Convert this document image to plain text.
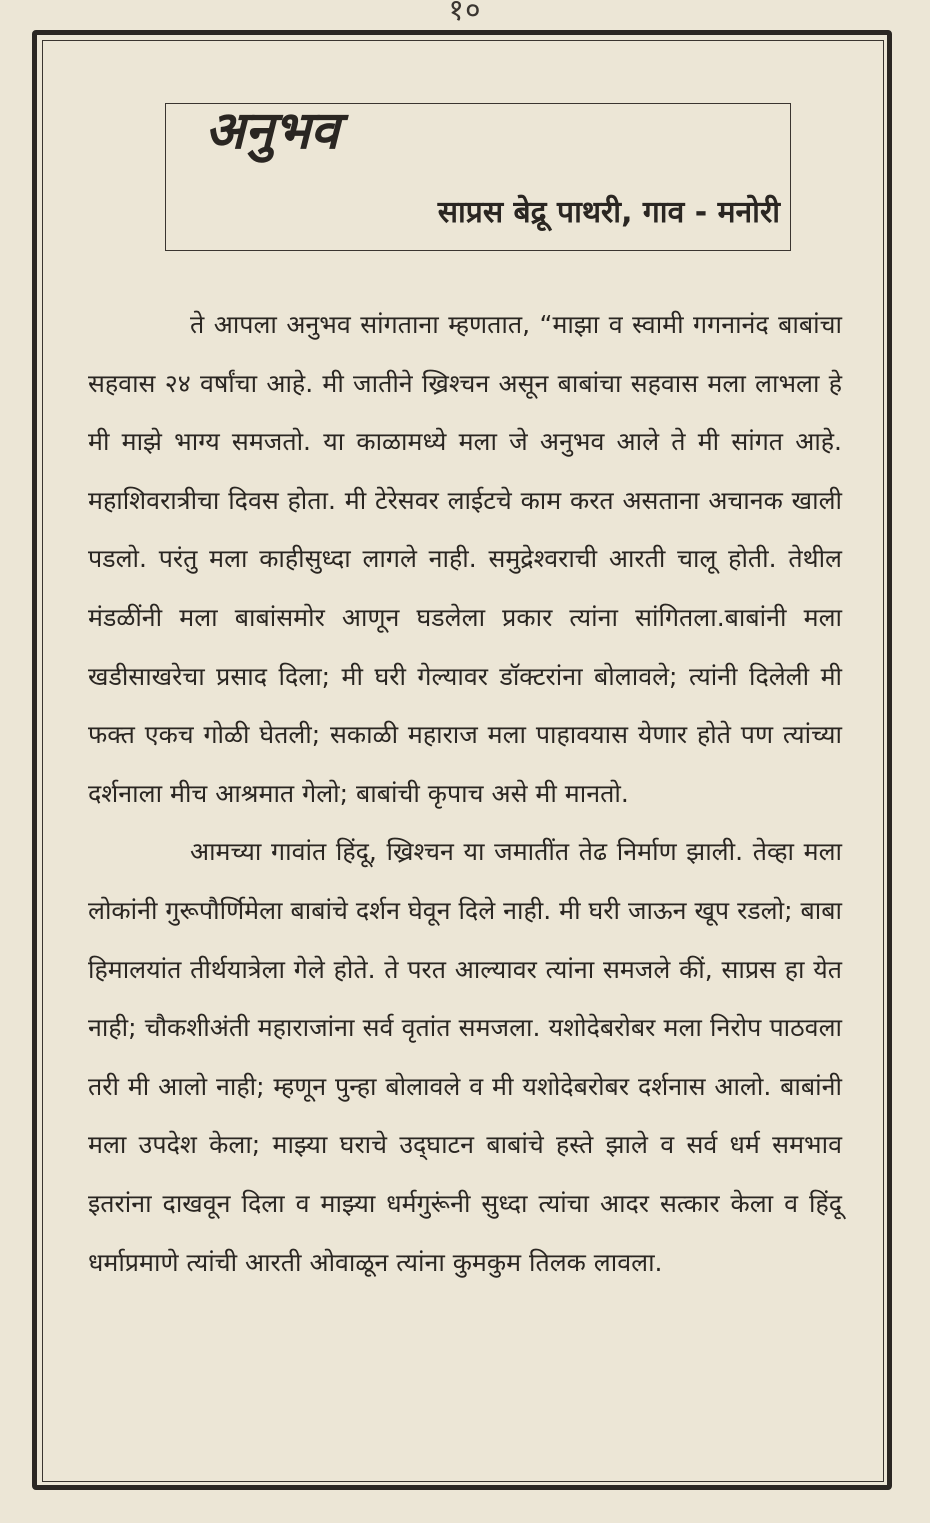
१०
अनुभव
साप्रस बेद्रू पाथरी, गाव - मनोरी

ते आपला अनुभव सांगताना म्हणतात, “माझा व स्वामी गगनानंद बाबांचा सहवास २४ वर्षांचा आहे. मी जातीने ख्रिश्चन असून बाबांचा सहवास मला लाभला हे मी माझे भाग्य समजतो. या काळामध्ये मला जे अनुभव आले ते मी सांगत आहे. महाशिवरात्रीचा दिवस होता. मी टेरेसवर लाईटचे काम करत असताना अचानक खाली पडलो. परंतु मला काहीसुध्दा लागले नाही. समुद्रेश्वराची आरती चालू होती. तेथील मंडळींनी मला बाबांसमोर आणून घडलेला प्रकार त्यांना सांगितला.बाबांनी मला खडीसाखरेचा प्रसाद दिला; मी घरी गेल्यावर डॉक्टरांना बोलावले; त्यांनी दिलेली मी फक्त एकच गोळी घेतली; सकाळी महाराज मला पाहावयास येणार होते पण त्यांच्या दर्शनाला मीच आश्रमात गेलो; बाबांची कृपाच असे मी मानतो.

आमच्या गावांत हिंदू, ख्रिश्चन या जमातींत तेढ निर्माण झाली. तेव्हा मला लोकांनी गुरूपौर्णिमेला बाबांचे दर्शन घेवून दिले नाही. मी घरी जाऊन खूप रडलो; बाबा हिमालयांत तीर्थयात्रेला गेले होते. ते परत आल्यावर त्यांना समजले कीं, साप्रस हा येत नाही; चौकशीअंती महाराजांना सर्व वृतांत समजला. यशोदेबरोबर मला निरोप पाठवला तरी मी आलो नाही; म्हणून पुन्हा बोलावले व मी यशोदेबरोबर दर्शनास आलो. बाबांनी मला उपदेश केला; माझ्या घराचे उद्‌घाटन बाबांचे हस्ते झाले व सर्व धर्म समभाव इतरांना दाखवून दिला व माझ्या धर्मगुरूंनी सुध्दा त्यांचा आदर सत्कार केला व हिंदू धर्माप्रमाणे त्यांची आरती ओवाळून त्यांना कुमकुम तिलक लावला.
